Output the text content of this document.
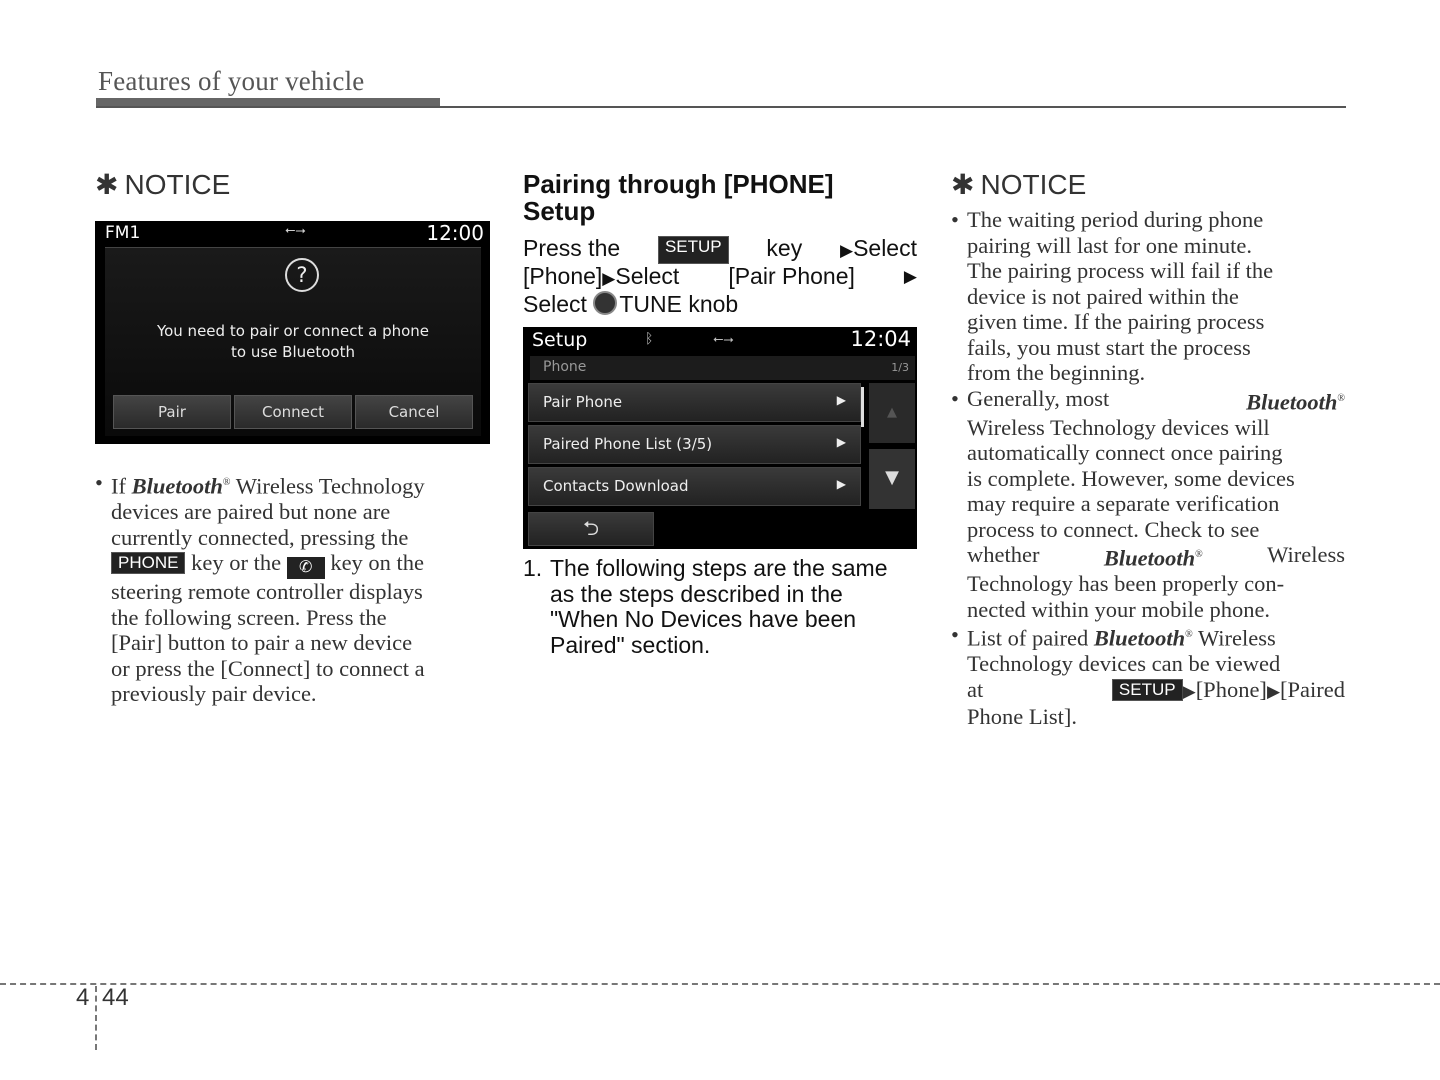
Features of your vehicle
✱ NOTICE
FM1	⭠⭢	12:00
?
You need to pair or connect a phone
to use Bluetooth
Pair	Connect	Cancel
• If Bluetooth® Wireless Technology
devices are paired but none are
currently connected, pressing the
PHONE key or the ✆ key on the
steering remote controller displays
the following screen. Press the
[Pair] button to pair a new device
or press the [Connect] to connect a
previously pair device.
Pairing through [PHONE]
Setup
Press the	SETUP	key ▶Select
[Phone]▶Select [Pair Phone]	▶
Select TUNE knob
Setup	ᛒ	⭠⭢	12:04
Phone	1/3
Pair Phone	▶
Paired Phone List (3/5)	▶
Contacts Download	▶
▲
▼
⮌
1. The following steps are the same
as the steps described in the
"When No Devices have been
Paired" section.
✱ NOTICE
• The waiting period during phone
pairing will last for one minute.
The pairing process will fail if the
device is not paired within the
given time. If the pairing process
fails, you must start the process
from the beginning.
• Generally, most	Bluetooth®
Wireless Technology devices will
automatically connect once pairing
is complete. However, some devices
may require a separate verification
process to connect. Check to see
whether	Bluetooth®	Wireless
Technology has been properly con-
nected within your mobile phone.
• List of paired Bluetooth® Wireless
Technology devices can be viewed
at	SETUP ▶[Phone]▶[Paired
Phone List].
4 44
